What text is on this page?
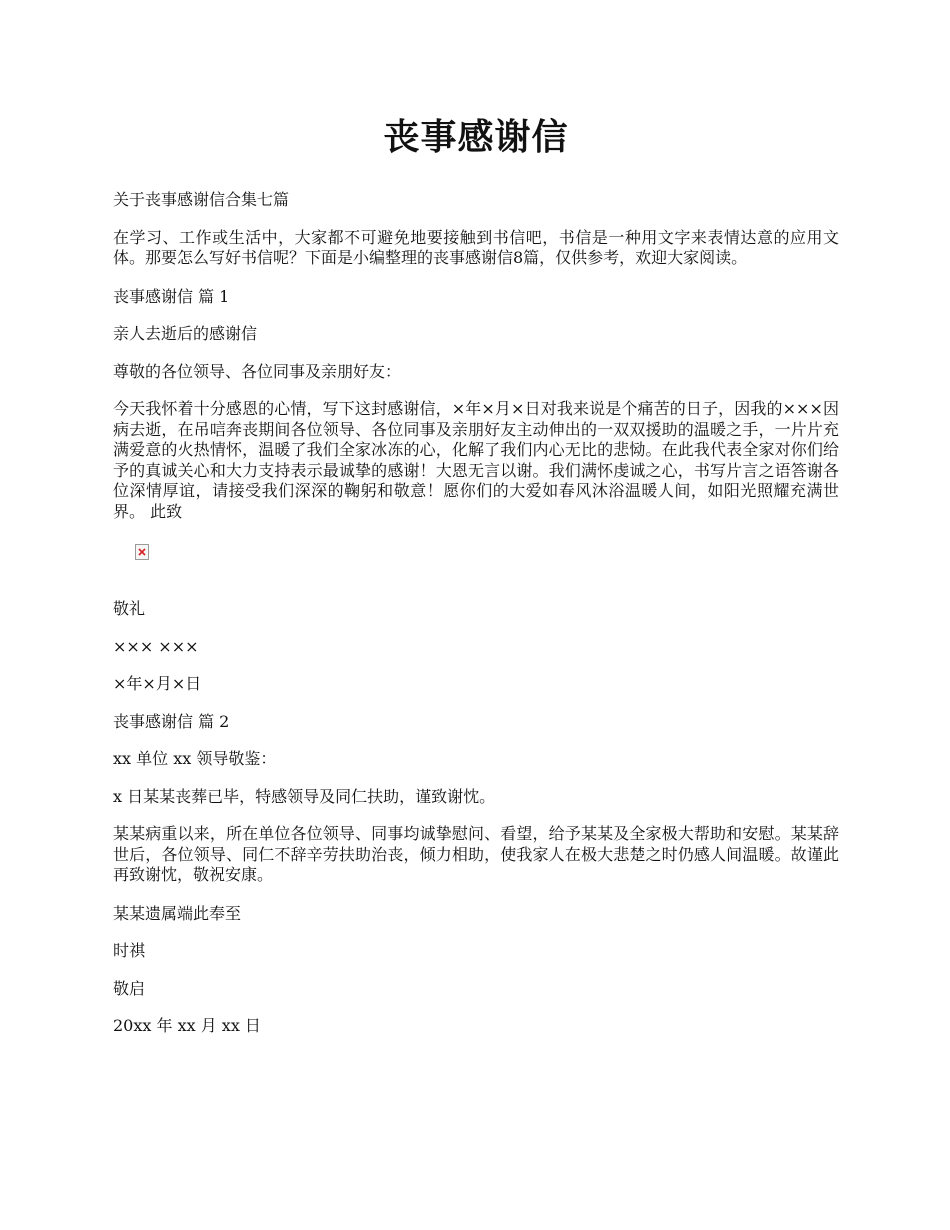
丧事感谢信

关于丧事感谢信合集七篇

在学习、工作或生活中，大家都不可避免地要接触到书信吧，书信是一种用文字来表情达意的应用文体。那要怎么写好书信呢？下面是小编整理的丧事感谢信8篇，仅供参考，欢迎大家阅读。

丧事感谢信 篇 1

亲人去逝后的感谢信

尊敬的各位领导、各位同事及亲朋好友：

今天我怀着十分感恩的心情，写下这封感谢信，×年×月×日对我来说是个痛苦的日子，因我的×××因病去逝，在吊唁奔丧期间各位领导、各位同事及亲朋好友主动伸出的一双双援助的温暖之手，一片片充满爱意的火热情怀，温暖了我们全家冰冻的心，化解了我们内心无比的悲恸。在此我代表全家对你们给予的真诚关心和大力支持表示最诚挚的感谢！大恩无言以谢。我们满怀虔诚之心，书写片言之语答谢各位深情厚谊，请接受我们深深的鞠躬和敬意！愿你们的大爱如春风沐浴温暖人间，如阳光照耀充满世界。 此致

敬礼

××× ×××

×年×月×日

丧事感谢信 篇 2

xx 单位 xx 领导敬鉴：

x 日某某丧葬已毕，特感领导及同仁扶助，谨致谢忱。

某某病重以来，所在单位各位领导、同事均诚挚慰问、看望，给予某某及全家极大帮助和安慰。某某辞世后，各位领导、同仁不辞辛劳扶助治丧，倾力相助，使我家人在极大悲楚之时仍感人间温暖。故谨此再致谢忱，敬祝安康。

某某遗属端此奉至

时祺

敬启

20xx 年 xx 月 xx 日
